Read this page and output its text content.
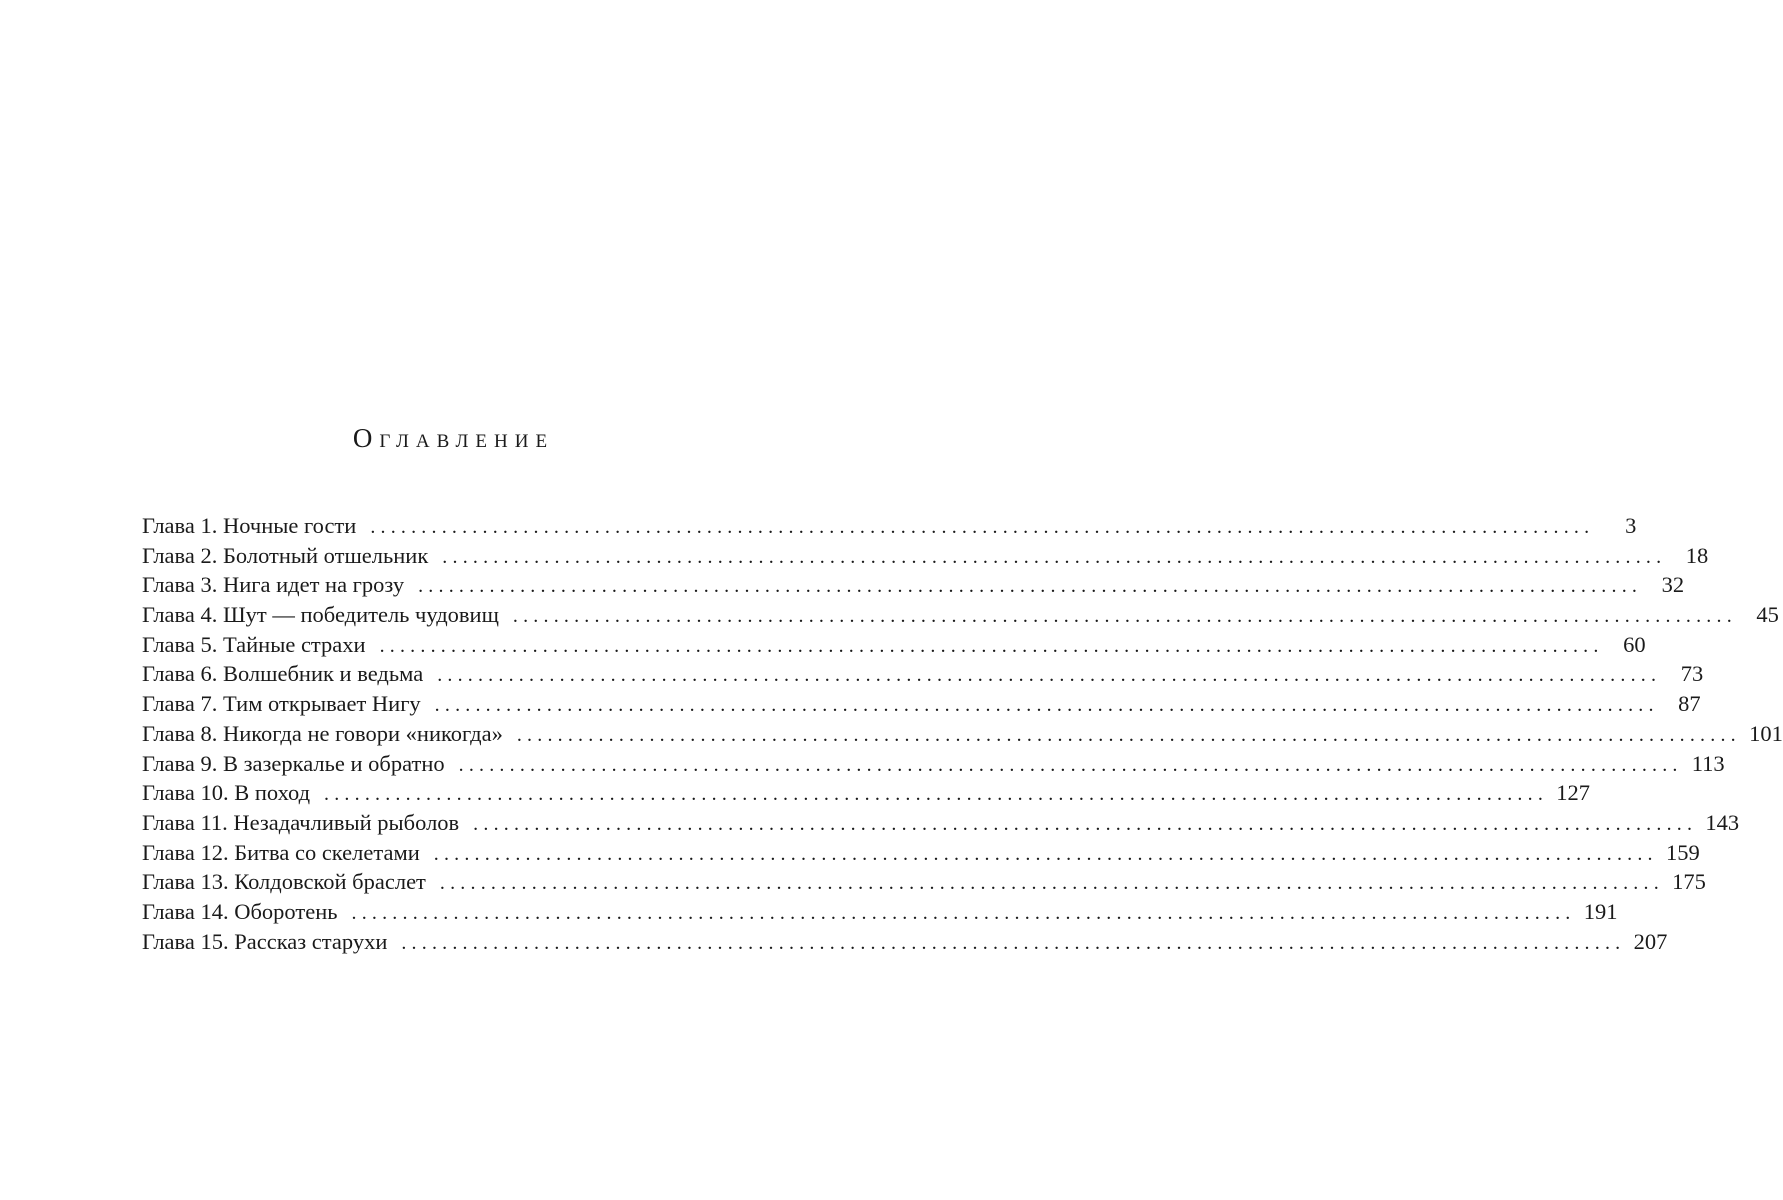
Оглавление
Глава 1. Ночные гости ........................................................................................................................	3
Глава 2. Болотный отшельник ........................................................................................................................ 18
Глава 3. Нига идет на грозу ........................................................................................................................ 32
Глава 4. Шут — победитель чудовищ ........................................................................................................................ 45
Глава 5. Тайные страхи ........................................................................................................................ 60
Глава 6. Волшебник и ведьма ........................................................................................................................ 73
Глава 7. Тим открывает Нигу ........................................................................................................................ 87
Глава 8. Никогда не говори «никогда» ........................................................................................................................ 101
Глава 9. В зазеркалье и обратно ........................................................................................................................ 113
Глава 10. В поход ........................................................................................................................ 127
Глава 11. Незадачливый рыболов ........................................................................................................................ 143
Глава 12. Битва со скелетами ........................................................................................................................ 159
Глава 13. Колдовской браслет ........................................................................................................................ 175
Глава 14. Оборотень ........................................................................................................................ 191
Глава 15. Рассказ старухи ........................................................................................................................ 207
